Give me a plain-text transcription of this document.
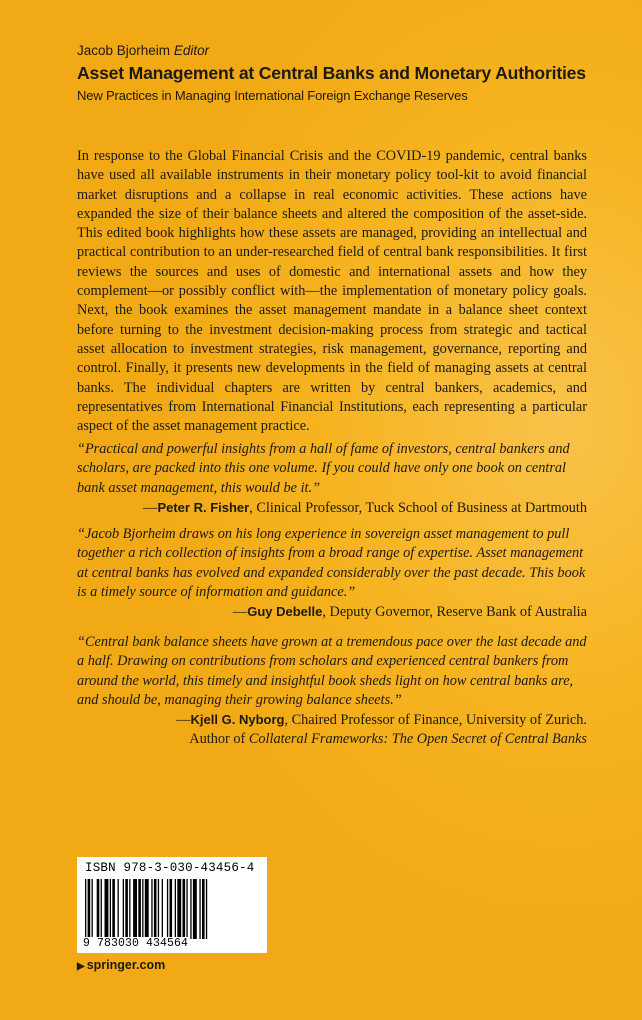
Jacob Bjorheim Editor
Asset Management at Central Banks and Monetary Authorities
New Practices in Managing International Foreign Exchange Reserves

In response to the Global Financial Crisis and the COVID-19 pandemic, central banks have used all available instruments in their monetary policy tool-kit to avoid financial market disruptions and a collapse in real economic activities. These actions have expanded the size of their balance sheets and altered the composition of the asset-side. This edited book highlights how these assets are managed, providing an intellectual and practical contribution to an under-researched field of central bank responsibilities. It first reviews the sources and uses of domestic and international assets and how they complement—or possibly conflict with—the implementation of monetary policy goals. Next, the book examines the asset management mandate in a balance sheet context before turning to the investment decision-making process from strategic and tactical asset allocation to investment strategies, risk management, governance, reporting and control. Finally, it presents new developments in the field of managing assets at central banks. The individual chapters are written by central bankers, academics, and representatives from International Financial Institutions, each representing a particular aspect of the asset management practice.

“Practical and powerful insights from a hall of fame of investors, central bankers and scholars, are packed into this one volume. If you could have only one book on central bank asset management, this would be it.”

—Peter R. Fisher, Clinical Professor, Tuck School of Business at Dartmouth

“Jacob Bjorheim draws on his long experience in sovereign asset management to pull together a rich collection of insights from a broad range of expertise. Asset management at central banks has evolved and expanded considerably over the past decade. This book is a timely source of information and guidance.”

—Guy Debelle, Deputy Governor, Reserve Bank of Australia

“Central bank balance sheets have grown at a tremendous pace over the last decade and a half. Drawing on contributions from scholars and experienced central bankers from around the world, this timely and insightful book sheds light on how central banks are, and should be, managing their growing balance sheets.”

—Kjell G. Nyborg, Chaired Professor of Finance, University of Zurich.
Author of Collateral Frameworks: The Open Secret of Central Banks

ISBN 978-3-030-43456-4
9 783030 434564
▶ springer.com
